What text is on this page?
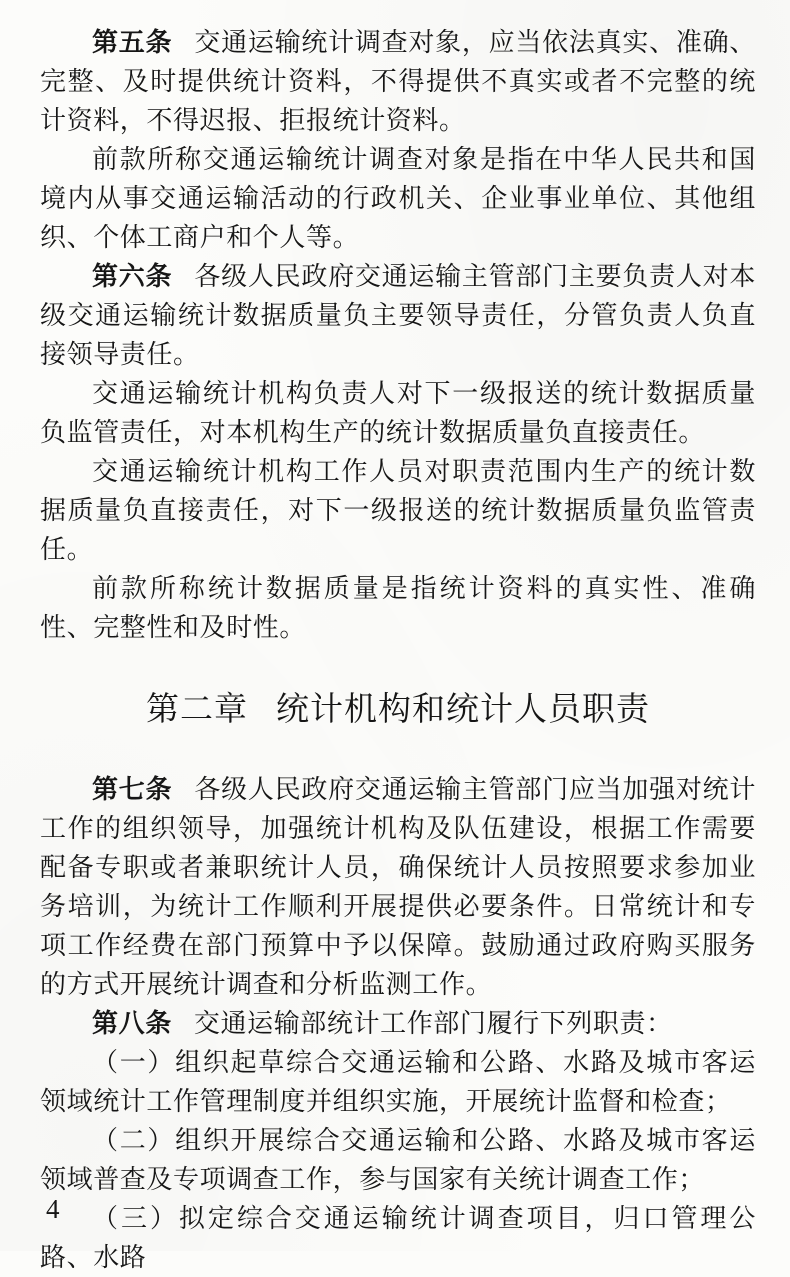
第五条 交通运输统计调查对象，应当依法真实、准确、完整、及时提供统计资料，不得提供不真实或者不完整的统计资料，不得迟报、拒报统计资料。

前款所称交通运输统计调查对象是指在中华人民共和国境内从事交通运输活动的行政机关、企业事业单位、其他组织、个体工商户和个人等。

第六条 各级人民政府交通运输主管部门主要负责人对本级交通运输统计数据质量负主要领导责任，分管负责人负直接领导责任。

交通运输统计机构负责人对下一级报送的统计数据质量负监管责任，对本机构生产的统计数据质量负直接责任。

交通运输统计机构工作人员对职责范围内生产的统计数据质量负直接责任，对下一级报送的统计数据质量负监管责任。

前款所称统计数据质量是指统计资料的真实性、准确性、完整性和及时性。

第二章 统计机构和统计人员职责

第七条 各级人民政府交通运输主管部门应当加强对统计工作的组织领导，加强统计机构及队伍建设，根据工作需要配备专职或者兼职统计人员，确保统计人员按照要求参加业务培训，为统计工作顺利开展提供必要条件。日常统计和专项工作经费在部门预算中予以保障。鼓励通过政府购买服务的方式开展统计调查和分析监测工作。

第八条 交通运输部统计工作部门履行下列职责：

（一）组织起草综合交通运输和公路、水路及城市客运领域统计工作管理制度并组织实施，开展统计监督和检查；

（二）组织开展综合交通运输和公路、水路及城市客运领域普查及专项调查工作，参与国家有关统计调查工作；

（三）拟定综合交通运输统计调查项目，归口管理公路、水路

4
